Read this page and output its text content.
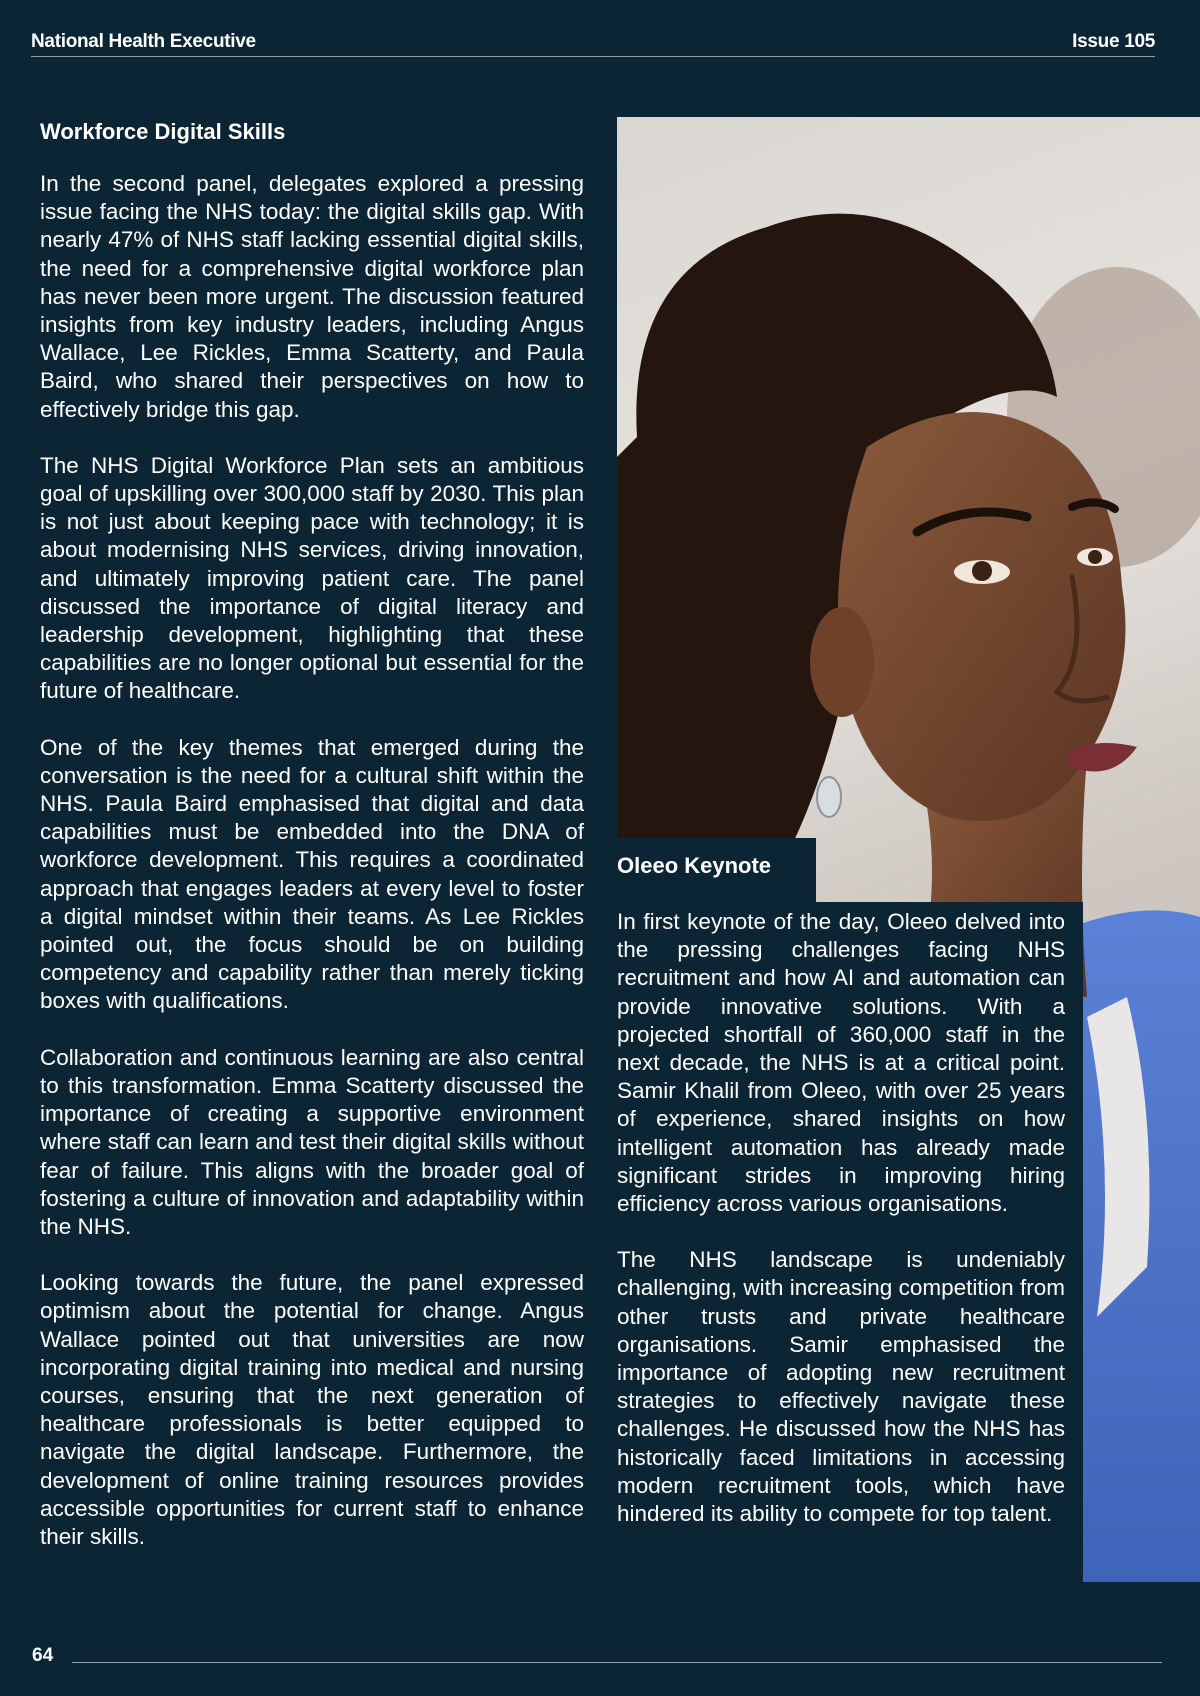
National Health Executive	Issue 105
Workforce Digital Skills

In the second panel, delegates explored a pressing issue facing the NHS today: the digital skills gap. With nearly 47% of NHS staff lacking essential digital skills, the need for a comprehensive digital workforce plan has never been more urgent. The discussion featured insights from key industry leaders, including Angus Wallace, Lee Rickles, Emma Scatterty, and Paula Baird, who shared their perspectives on how to effectively bridge this gap.

The NHS Digital Workforce Plan sets an ambitious goal of upskilling over 300,000 staff by 2030. This plan is not just about keeping pace with technology; it is about modernising NHS services, driving innovation, and ultimately improving patient care. The panel discussed the importance of digital literacy and leadership development, highlighting that these capabilities are no longer optional but essential for the future of healthcare.

One of the key themes that emerged during the conversation is the need for a cultural shift within the NHS. Paula Baird emphasised that digital and data capabilities must be embedded into the DNA of workforce development. This requires a coordinated approach that engages leaders at every level to foster a digital mindset within their teams. As Lee Rickles pointed out, the focus should be on building competency and capability rather than merely ticking boxes with qualifications.

Collaboration and continuous learning are also central to this transformation. Emma Scatterty discussed the importance of creating a supportive environment where staff can learn and test their digital skills without fear of failure. This aligns with the broader goal of fostering a culture of innovation and adaptability within the NHS.

Looking towards the future, the panel expressed optimism about the potential for change. Angus Wallace pointed out that universities are now incorporating digital training into medical and nursing courses, ensuring that the next generation of healthcare professionals is better equipped to navigate the digital landscape. Furthermore, the development of online training resources provides accessible opportunities for current staff to enhance their skills.

Oleeo Keynote

In first keynote of the day, Oleeo delved into the pressing challenges facing NHS recruitment and how AI and automation can provide innovative solutions. With a projected shortfall of 360,000 staff in the next decade, the NHS is at a critical point. Samir Khalil from Oleeo, with over 25 years of experience, shared insights on how intelligent automation has already made significant strides in improving hiring efficiency across various organisations.

The NHS landscape is undeniably challenging, with increasing competition from other trusts and private healthcare organisations. Samir emphasised the importance of adopting new recruitment strategies to effectively navigate these challenges. He discussed how the NHS has historically faced limitations in accessing modern recruitment tools, which have hindered its ability to compete for top talent.

64
